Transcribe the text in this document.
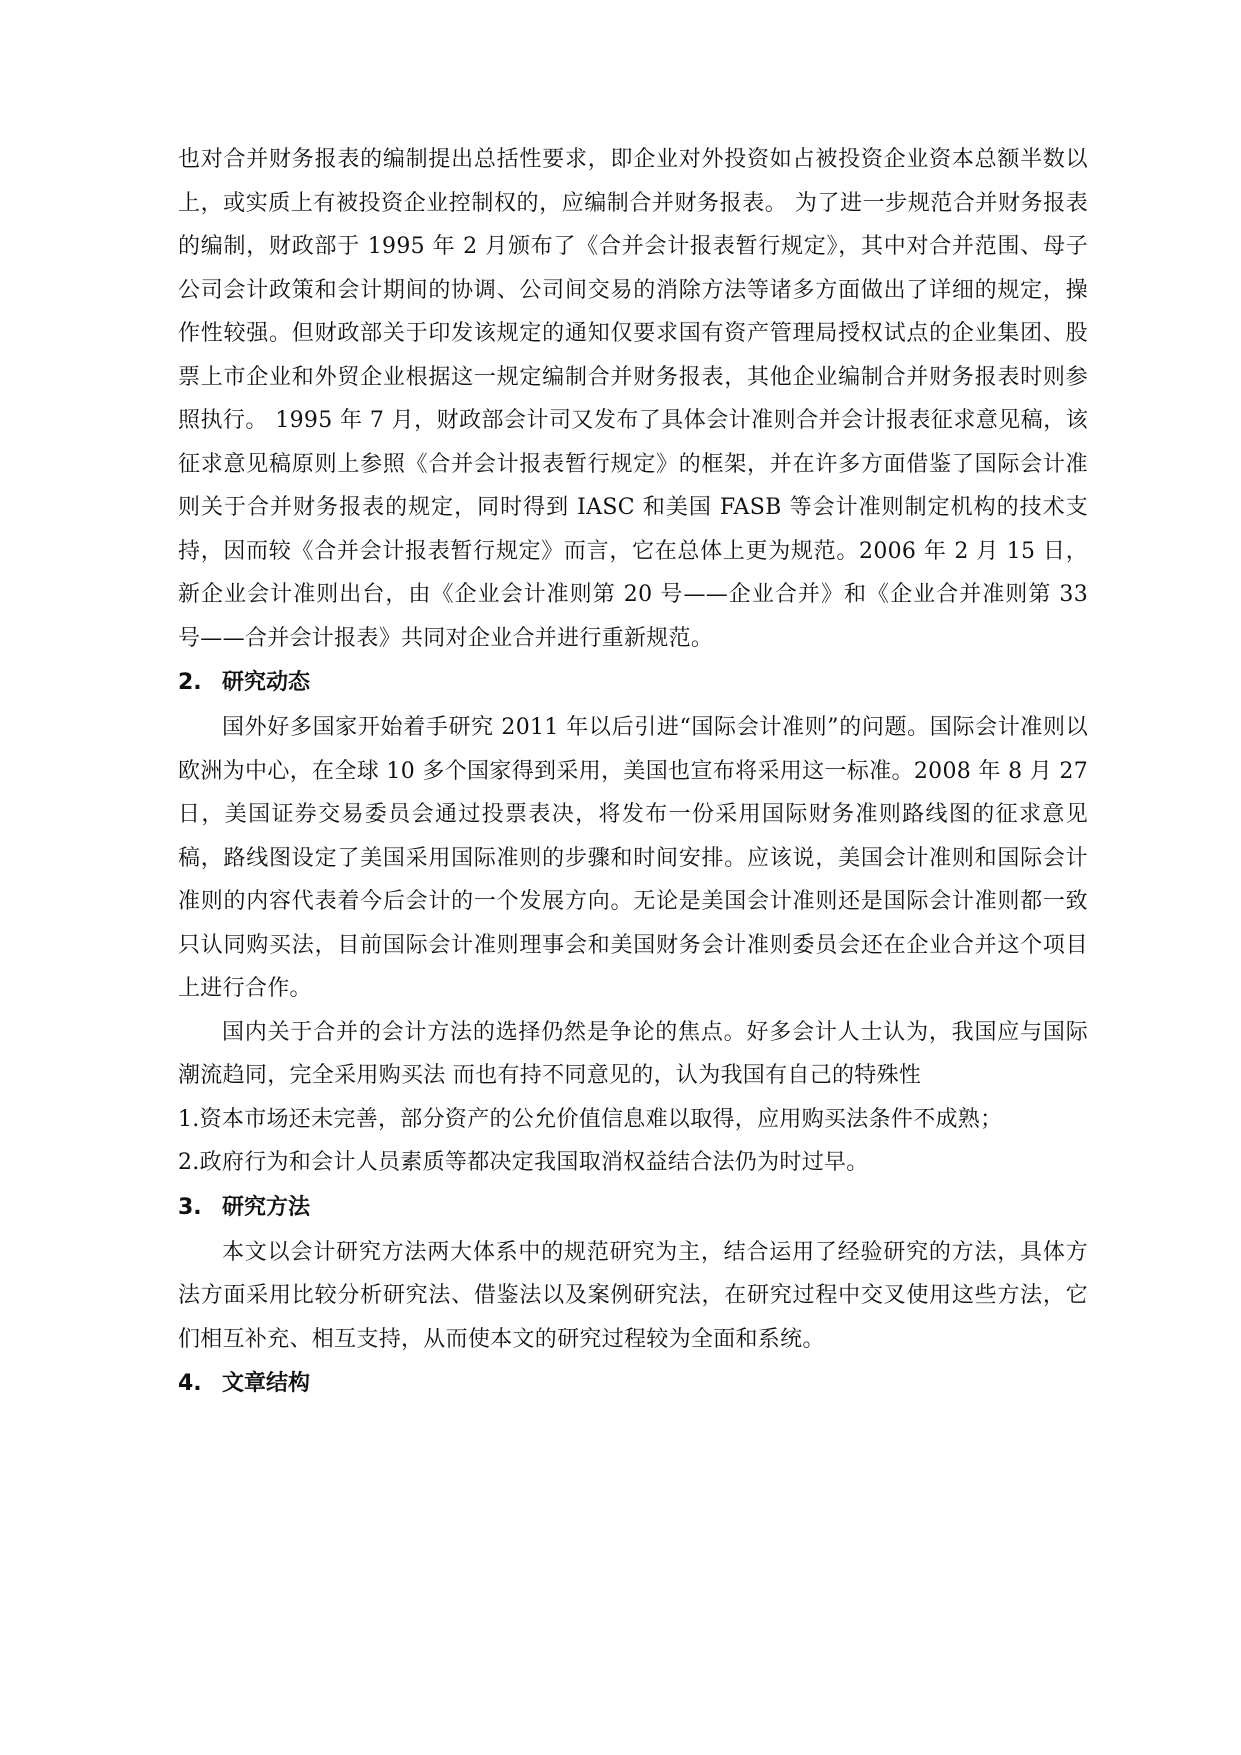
也对合并财务报表的编制提出总括性要求，即企业对外投资如占被投资企业资本总额半数以上，或实质上有被投资企业控制权的，应编制合并财务报表。 为了进一步规范合并财务报表的编制，财政部于 1995 年 2 月颁布了《合并会计报表暂行规定》，其中对合并范围、母子公司会计政策和会计期间的协调、公司间交易的消除方法等诸多方面做出了详细的规定，操作性较强。但财政部关于印发该规定的通知仅要求国有资产管理局授权试点的企业集团、股票上市企业和外贸企业根据这一规定编制合并财务报表，其他企业编制合并财务报表时则参照执行。 1995 年 7 月，财政部会计司又发布了具体会计准则合并会计报表征求意见稿，该征求意见稿原则上参照《合并会计报表暂行规定》的框架，并在许多方面借鉴了国际会计准则关于合并财务报表的规定，同时得到 IASC 和美国 FASB 等会计准则制定机构的技术支持，因而较《合并会计报表暂行规定》而言，它在总体上更为规范。2006 年 2 月 15 日，新企业会计准则出台，由《企业会计准则第 20 号——企业合并》和《企业合并准则第 33 号——合并会计报表》共同对企业合并进行重新规范。

2. 研究动态

国外好多国家开始着手研究 2011 年以后引进“国际会计准则”的问题。国际会计准则以欧洲为中心，在全球 10 多个国家得到采用，美国也宣布将采用这一标准。2008 年 8 月 27 日，美国证券交易委员会通过投票表决，将发布一份采用国际财务准则路线图的征求意见稿，路线图设定了美国采用国际准则的步骤和时间安排。应该说，美国会计准则和国际会计准则的内容代表着今后会计的一个发展方向。无论是美国会计准则还是国际会计准则都一致只认同购买法，目前国际会计准则理事会和美国财务会计准则委员会还在企业合并这个项目上进行合作。

国内关于合并的会计方法的选择仍然是争论的焦点。好多会计人士认为，我国应与国际潮流趋同，完全采用购买法 而也有持不同意见的，认为我国有自己的特殊性

1.资本市场还未完善，部分资产的公允价值信息难以取得，应用购买法条件不成熟；

2.政府行为和会计人员素质等都决定我国取消权益结合法仍为时过早。

3. 研究方法

本文以会计研究方法两大体系中的规范研究为主，结合运用了经验研究的方法，具体方法方面采用比较分析研究法、借鉴法以及案例研究法，在研究过程中交叉使用这些方法，它们相互补充、相互支持，从而使本文的研究过程较为全面和系统。

4. 文章结构
